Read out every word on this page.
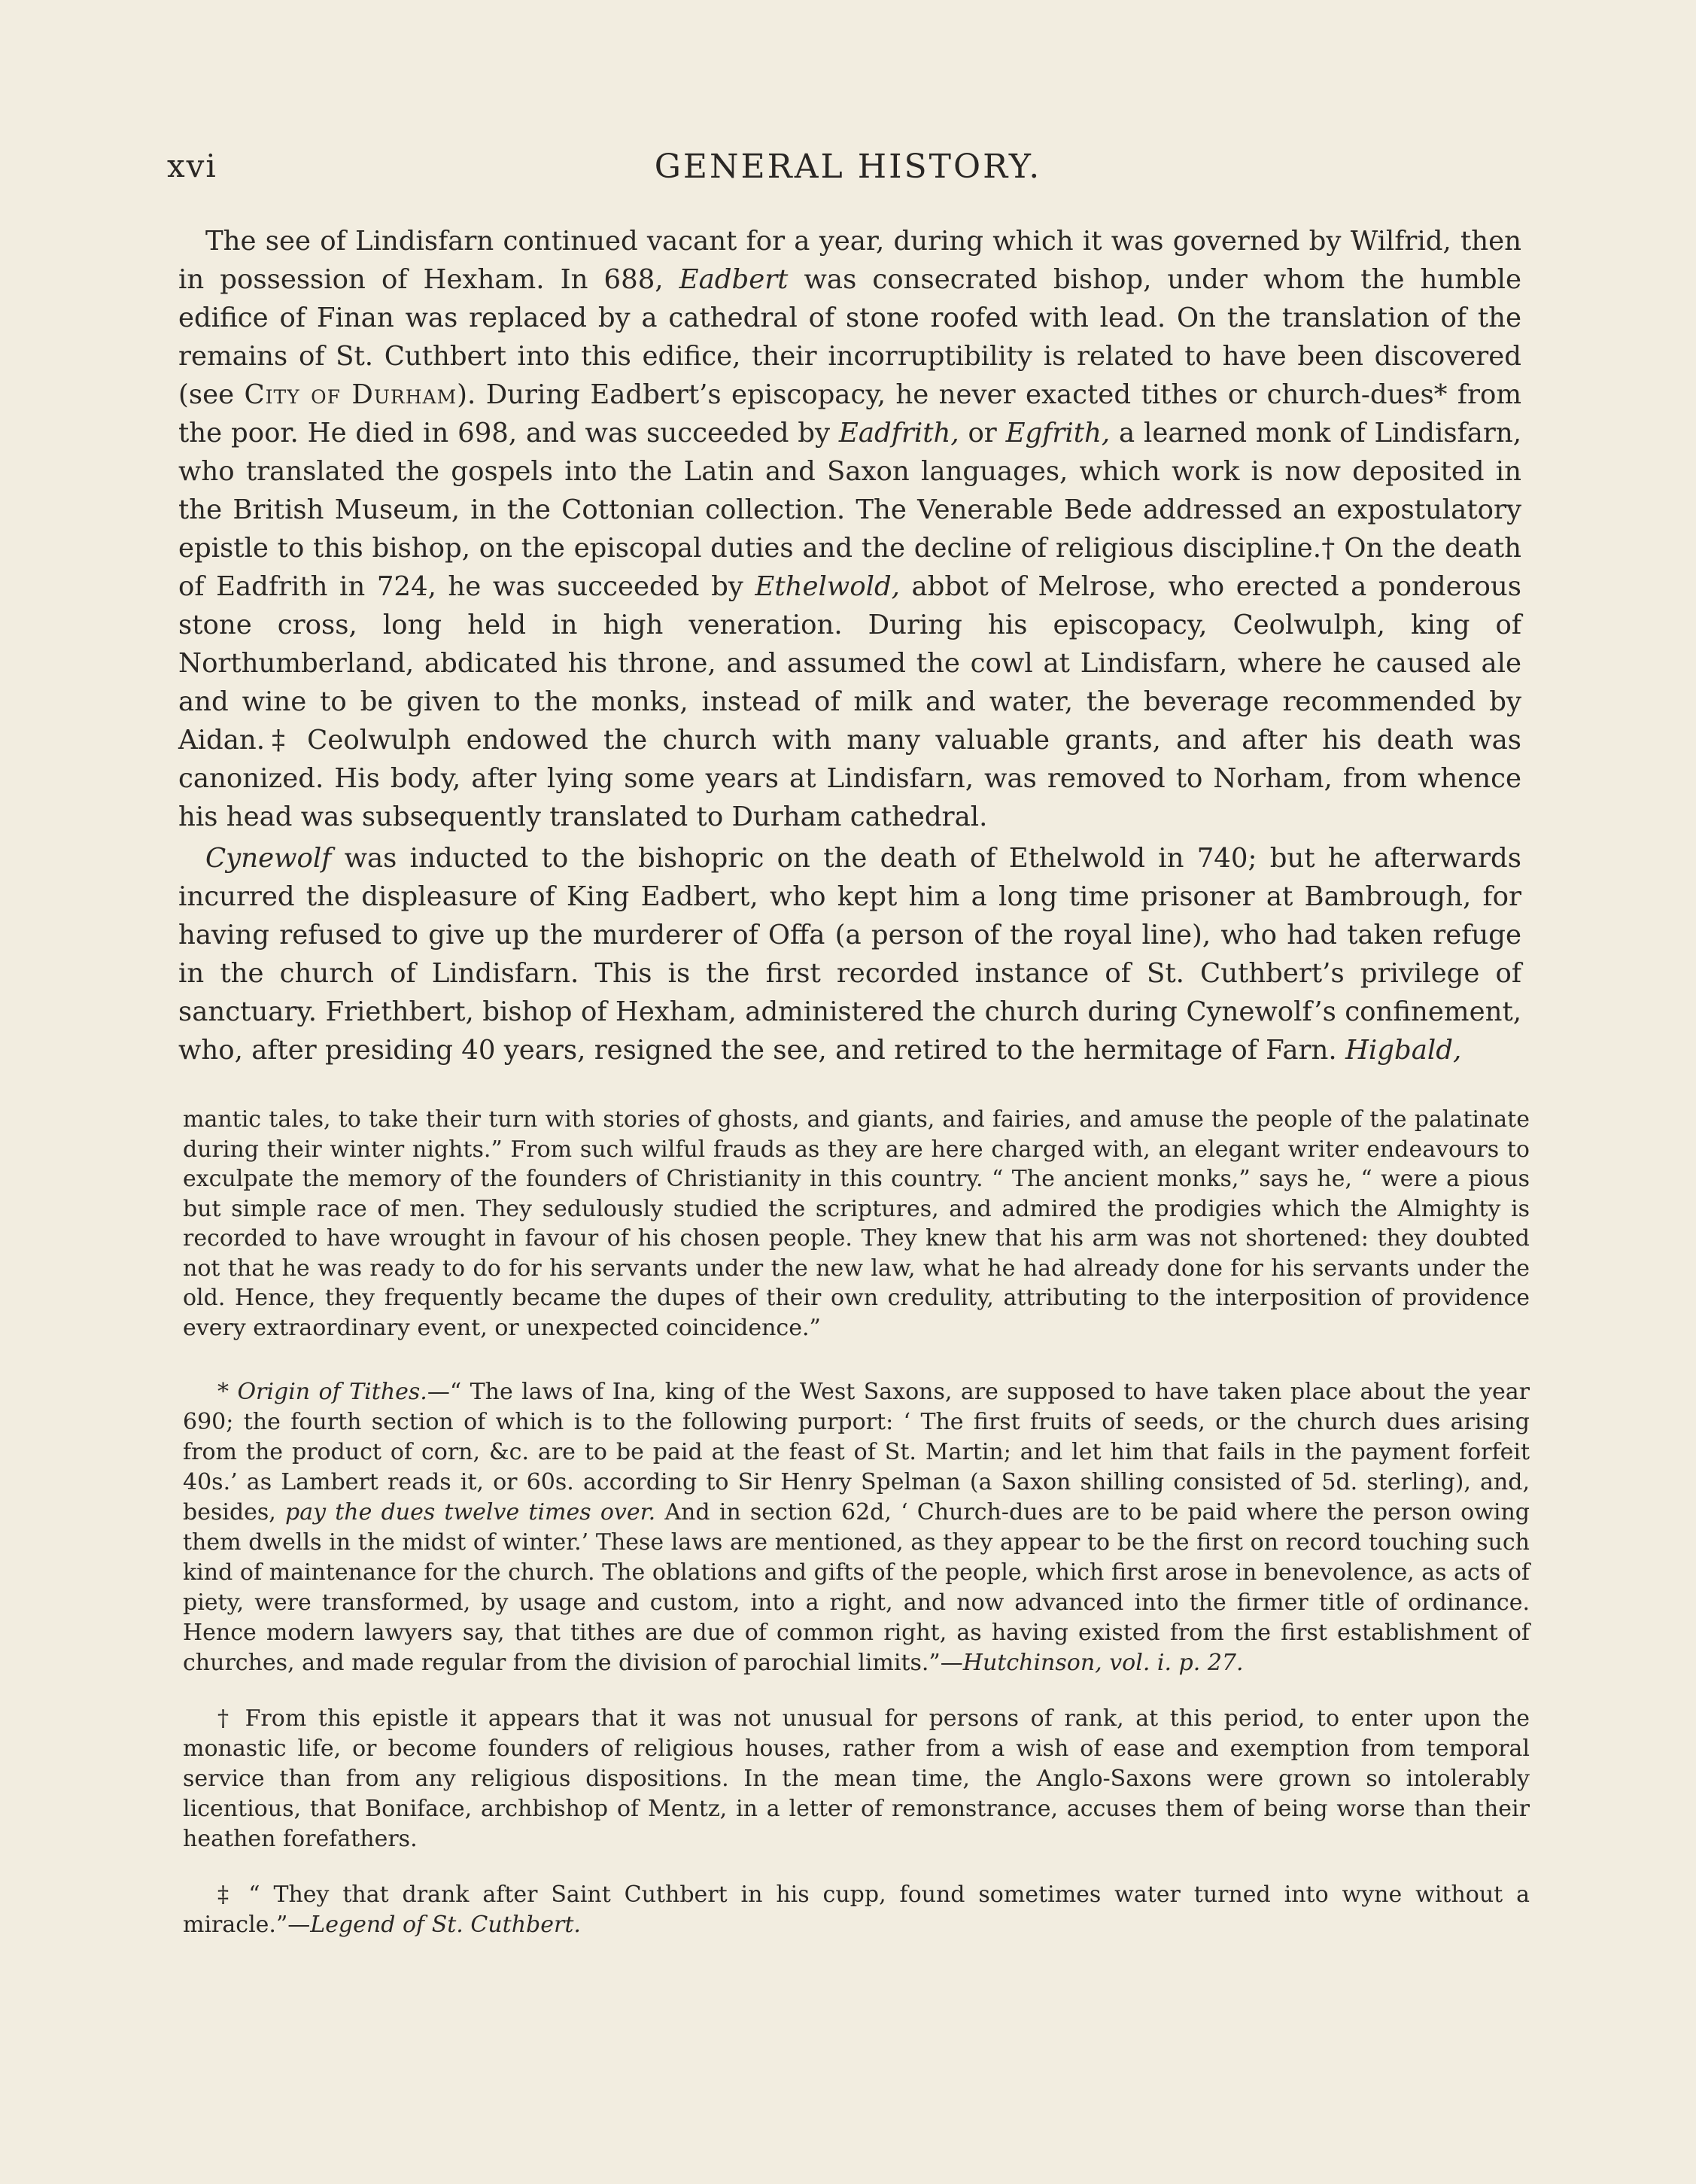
xvi	GENERAL HISTORY.

The see of Lindisfarn continued vacant for a year, during which it was governed by Wilfrid, then in possession of Hexham. In 688, Eadbert was consecrated bishop, under whom the humble edifice of Finan was replaced by a cathedral of stone roofed with lead. On the translation of the remains of St. Cuthbert into this edifice, their incorruptibility is related to have been discovered (see City of Durham). During Eadbert’s episcopacy, he never exacted tithes or church-dues* from the poor. He died in 698, and was succeeded by Eadfrith, or Egfrith, a learned monk of Lindisfarn, who translated the gospels into the Latin and Saxon languages, which work is now deposited in the British Museum, in the Cottonian collection. The Venerable Bede addressed an expostulatory epistle to this bishop, on the episcopal duties and the decline of religious discipline.† On the death of Eadfrith in 724, he was succeeded by Ethelwold, abbot of Melrose, who erected a ponderous stone cross, long held in high veneration. During his episcopacy, Ceolwulph, king of Northumberland, abdicated his throne, and assumed the cowl at Lindisfarn, where he caused ale and wine to be given to the monks, instead of milk and water, the beverage recommended by Aidan.‡ Ceolwulph endowed the church with many valuable grants, and after his death was canonized. His body, after lying some years at Lindisfarn, was removed to Norham, from whence his head was subsequently translated to Durham cathedral.

Cynewolf was inducted to the bishopric on the death of Ethelwold in 740; but he afterwards incurred the displeasure of King Eadbert, who kept him a long time prisoner at Bambrough, for having refused to give up the murderer of Offa (a person of the royal line), who had taken refuge in the church of Lindisfarn. This is the first recorded instance of St. Cuthbert’s privilege of sanctuary. Friethbert, bishop of Hexham, administered the church during Cynewolf’s confinement, who, after presiding 40 years, resigned the see, and retired to the hermitage of Farn. Higbald,

mantic tales, to take their turn with stories of ghosts, and giants, and fairies, and amuse the people of the palatinate during their winter nights.” From such wilful frauds as they are here charged with, an elegant writer endeavours to exculpate the memory of the founders of Christianity in this country. “ The ancient monks,” says he, “ were a pious but simple race of men. They sedulously studied the scriptures, and admired the prodigies which the Almighty is recorded to have wrought in favour of his chosen people. They knew that his arm was not shortened: they doubted not that he was ready to do for his servants under the new law, what he had already done for his servants under the old. Hence, they frequently became the dupes of their own credulity, attributing to the interposition of providence every extraordinary event, or unexpected coincidence.”
* Origin of Tithes.—“ The laws of Ina, king of the West Saxons, are supposed to have taken place about the year 690; the fourth section of which is to the following purport: ‘ The first fruits of seeds, or the church dues arising from the product of corn, &c. are to be paid at the feast of St. Martin; and let him that fails in the payment forfeit 40s.’ as Lambert reads it, or 60s. according to Sir Henry Spelman (a Saxon shilling consisted of 5d. sterling), and, besides, pay the dues twelve times over. And in section 62d, ‘ Church-dues are to be paid where the person owing them dwells in the midst of winter.’ These laws are mentioned, as they appear to be the first on record touching such kind of maintenance for the church. The oblations and gifts of the people, which first arose in benevolence, as acts of piety, were transformed, by usage and custom, into a right, and now advanced into the firmer title of ordinance. Hence modern lawyers say, that tithes are due of common right, as having existed from the first establishment of churches, and made regular from the division of parochial limits.”—Hutchinson, vol. i. p. 27.
† From this epistle it appears that it was not unusual for persons of rank, at this period, to enter upon the monastic life, or become founders of religious houses, rather from a wish of ease and exemption from temporal service than from any religious dispositions. In the mean time, the Anglo-Saxons were grown so intolerably licentious, that Boniface, archbishop of Mentz, in a letter of remonstrance, accuses them of being worse than their heathen forefathers.
‡ “ They that drank after Saint Cuthbert in his cupp, found sometimes water turned into wyne without a miracle.”—Legend of St. Cuthbert.
